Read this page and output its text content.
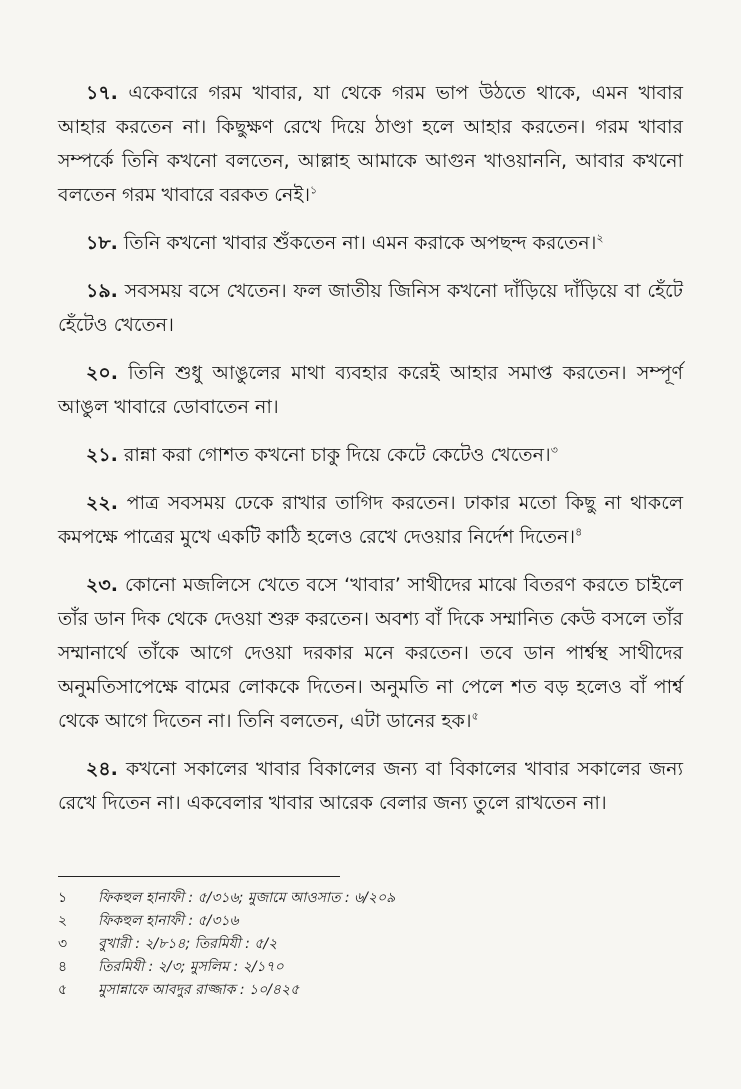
১৭. একেবারে গরম খাবার, যা থেকে গরম ভাপ উঠতে থাকে, এমন খাবার আহার করতেন না। কিছুক্ষণ রেখে দিয়ে ঠাণ্ডা হলে আহার করতেন। গরম খাবার সম্পর্কে তিনি কখনো বলতেন, আল্লাহ আমাকে আগুন খাওয়াননি, আবার কখনো বলতেন গরম খাবারে বরকত নেই।$^১$

১৮. তিনি কখনো খাবার শুঁকতেন না। এমন করাকে অপছন্দ করতেন।$^২$

১৯. সবসময় বসে খেতেন। ফল জাতীয় জিনিস কখনো দাঁড়িয়ে দাঁড়িয়ে বা হেঁটে হেঁটেও খেতেন।

২০. তিনি শুধু আঙুলের মাথা ব্যবহার করেই আহার সমাপ্ত করতেন। সম্পূর্ণ আঙুল খাবারে ডোবাতেন না।

২১. রান্না করা গোশত কখনো চাকু দিয়ে কেটে কেটেও খেতেন।$^৩$

২২. পাত্র সবসময় ঢেকে রাখার তাগিদ করতেন। ঢাকার মতো কিছু না থাকলে কমপক্ষে পাত্রের মুখে একটি কাঠি হলেও রেখে দেওয়ার নির্দেশ দিতেন।$^৪$

২৩. কোনো মজলিসে খেতে বসে ‘খাবার’ সাথীদের মাঝে বিতরণ করতে চাইলে তাঁর ডান দিক থেকে দেওয়া শুরু করতেন। অবশ্য বাঁ দিকে সম্মানিত কেউ বসলে তাঁর সম্মানার্থে তাঁকে আগে দেওয়া দরকার মনে করতেন। তবে ডান পার্শ্বস্থ সাথীদের অনুমতিসাপেক্ষে বামের লোককে দিতেন। অনুমতি না পেলে শত বড় হলেও বাঁ পার্শ্ব থেকে আগে দিতেন না। তিনি বলতেন, এটা ডানের হক।$^৫$

২৪. কখনো সকালের খাবার বিকালের জন্য বা বিকালের খাবার সকালের জন্য রেখে দিতেন না। একবেলার খাবার আরেক বেলার জন্য তুলে রাখতেন না।

১	ফিকহুল হানাফী : ৫/৩১৬; মুজামে আওসাত : ৬/২০৯
২	ফিকহুল হানাফী : ৫/৩১৬
৩	বুখারী : ২/৮১৪; তিরমিযী : ৫/২
৪	তিরমিযী : ২/৩; মুসলিম : ২/১৭০
৫	মুসান্নাফে আবদুর রাজ্জাক : ১০/৪২৫
